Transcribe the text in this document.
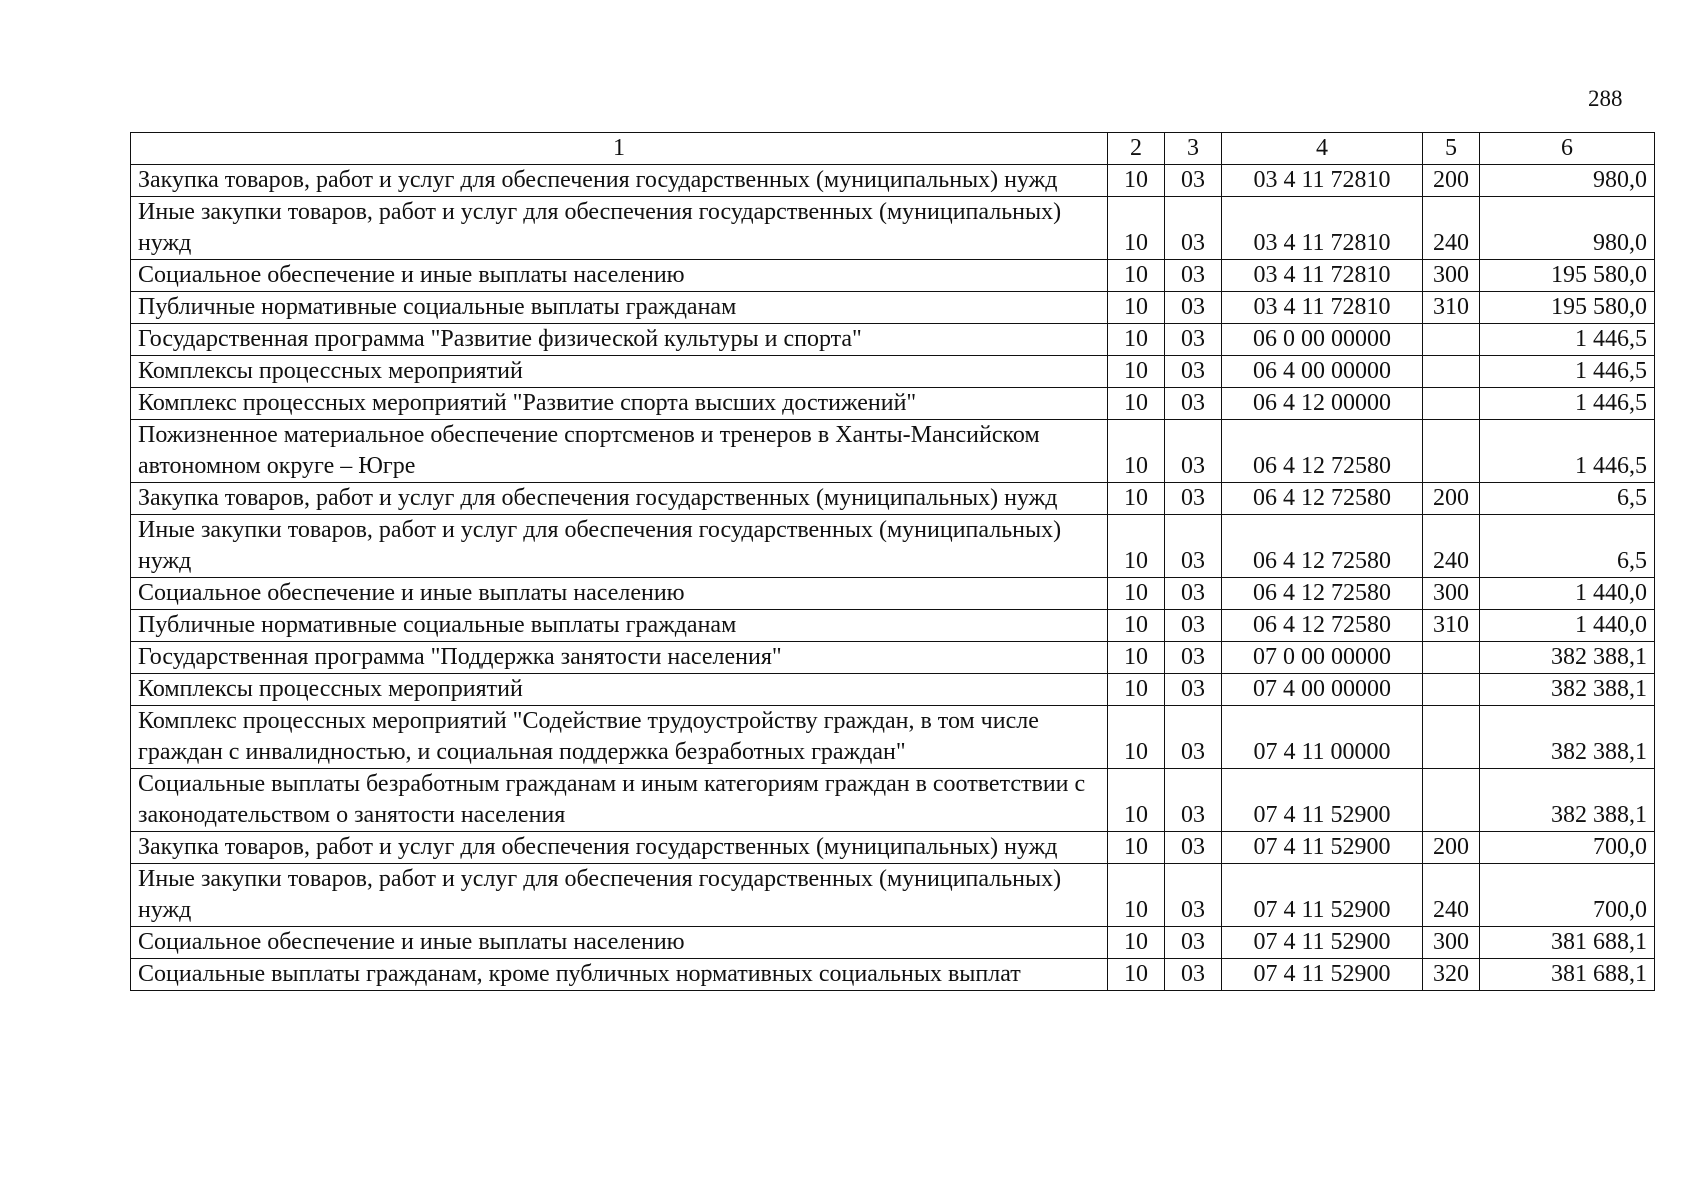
288
1	2	3	4	5	6
Закупка товаров, работ и услуг для обеспечения государственных (муниципальных) нужд	10	03	03 4 11 72810	200	980,0
Иные закупки товаров, работ и услуг для обеспечения государственных (муниципальных) нужд	10	03	03 4 11 72810	240	980,0
Социальное обеспечение и иные выплаты населению	10	03	03 4 11 72810	300	195 580,0
Публичные нормативные социальные выплаты гражданам	10	03	03 4 11 72810	310	195 580,0
Государственная программа "Развитие физической культуры и спорта"	10	03	06 0 00 00000		1 446,5
Комплексы процессных мероприятий	10	03	06 4 00 00000		1 446,5
Комплекс процессных мероприятий "Развитие спорта высших достижений"	10	03	06 4 12 00000		1 446,5
Пожизненное материальное обеспечение спортсменов и тренеров в Ханты-Мансийском автономном округе – Югре	10	03	06 4 12 72580		1 446,5
Закупка товаров, работ и услуг для обеспечения государственных (муниципальных) нужд	10	03	06 4 12 72580	200	6,5
Иные закупки товаров, работ и услуг для обеспечения государственных (муниципальных) нужд	10	03	06 4 12 72580	240	6,5
Социальное обеспечение и иные выплаты населению	10	03	06 4 12 72580	300	1 440,0
Публичные нормативные социальные выплаты гражданам	10	03	06 4 12 72580	310	1 440,0
Государственная программа "Поддержка занятости населения"	10	03	07 0 00 00000		382 388,1
Комплексы процессных мероприятий	10	03	07 4 00 00000		382 388,1
Комплекс процессных мероприятий "Содействие трудоустройству граждан, в том числе граждан с инвалидностью, и социальная поддержка безработных граждан"	10	03	07 4 11 00000		382 388,1
Социальные выплаты безработным гражданам и иным категориям граждан в соответствии с законодательством о занятости населения	10	03	07 4 11 52900		382 388,1
Закупка товаров, работ и услуг для обеспечения государственных (муниципальных) нужд	10	03	07 4 11 52900	200	700,0
Иные закупки товаров, работ и услуг для обеспечения государственных (муниципальных) нужд	10	03	07 4 11 52900	240	700,0
Социальное обеспечение и иные выплаты населению	10	03	07 4 11 52900	300	381 688,1
Социальные выплаты гражданам, кроме публичных нормативных социальных выплат	10	03	07 4 11 52900	320	381 688,1
